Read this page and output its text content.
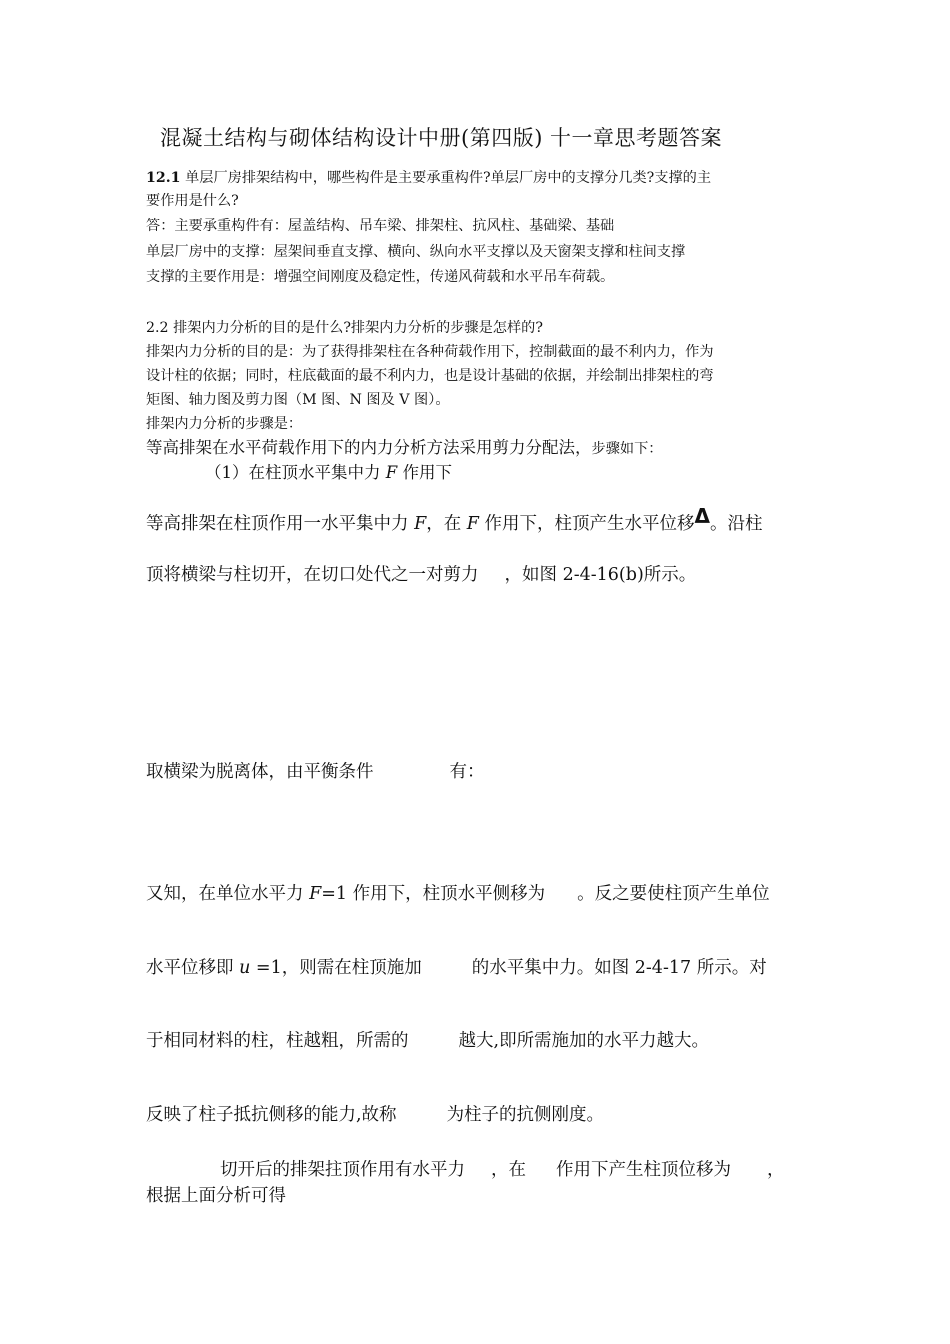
混凝土结构与砌体结构设计中册(第四版) 十一章思考题答案
12.1 单层厂房排架结构中，哪些构件是主要承重构件?单层厂房中的支撑分几类?支撑的主
要作用是什么?
答：主要承重构件有：屋盖结构、吊车梁、排架柱、抗风柱、基础梁、基础
单层厂房中的支撑：屋架间垂直支撑、横向、纵向水平支撑以及天窗架支撑和柱间支撑
支撑的主要作用是：增强空间刚度及稳定性，传递风荷载和水平吊车荷载。
2.2 排架内力分析的目的是什么?排架内力分析的步骤是怎样的?
排架内力分析的目的是：为了获得排架柱在各种荷载作用下，控制截面的最不利内力，作为
设计柱的依据；同时，柱底截面的最不利内力，也是设计基础的依据，并绘制出排架柱的弯
矩图、轴力图及剪力图（M 图、N 图及 V 图）。
排架内力分析的步骤是：
等高排架在水平荷载作用下的内力分析方法采用剪力分配法，步骤如下：
（1）在柱顶水平集中力 F 作用下
等高排架在柱顶作用一水平集中力 F，在 F 作用下，柱顶产生水平位移Δ。沿柱
顶将横梁与柱切开，在切口处代之一对剪力 ，如图 2-4-16(b)所示。
取横梁为脱离体，由平衡条件	有：
又知，在单位水平力 F=1 作用下，柱顶水平侧移为 。反之要使柱顶产生单位
水平位移即 u =1，则需在柱顶施加	的水平集中力。如图 2-4-17 所示。对
于相同材料的柱，柱越粗，所需的	越大,即所需施加的水平力越大。
反映了柱子抵抗侧移的能力,故称	为柱子的抗侧刚度。
切开后的排架拄顶作用有水平力 ，在 作用下产生柱顶位移为 ，
根据上面分析可得
